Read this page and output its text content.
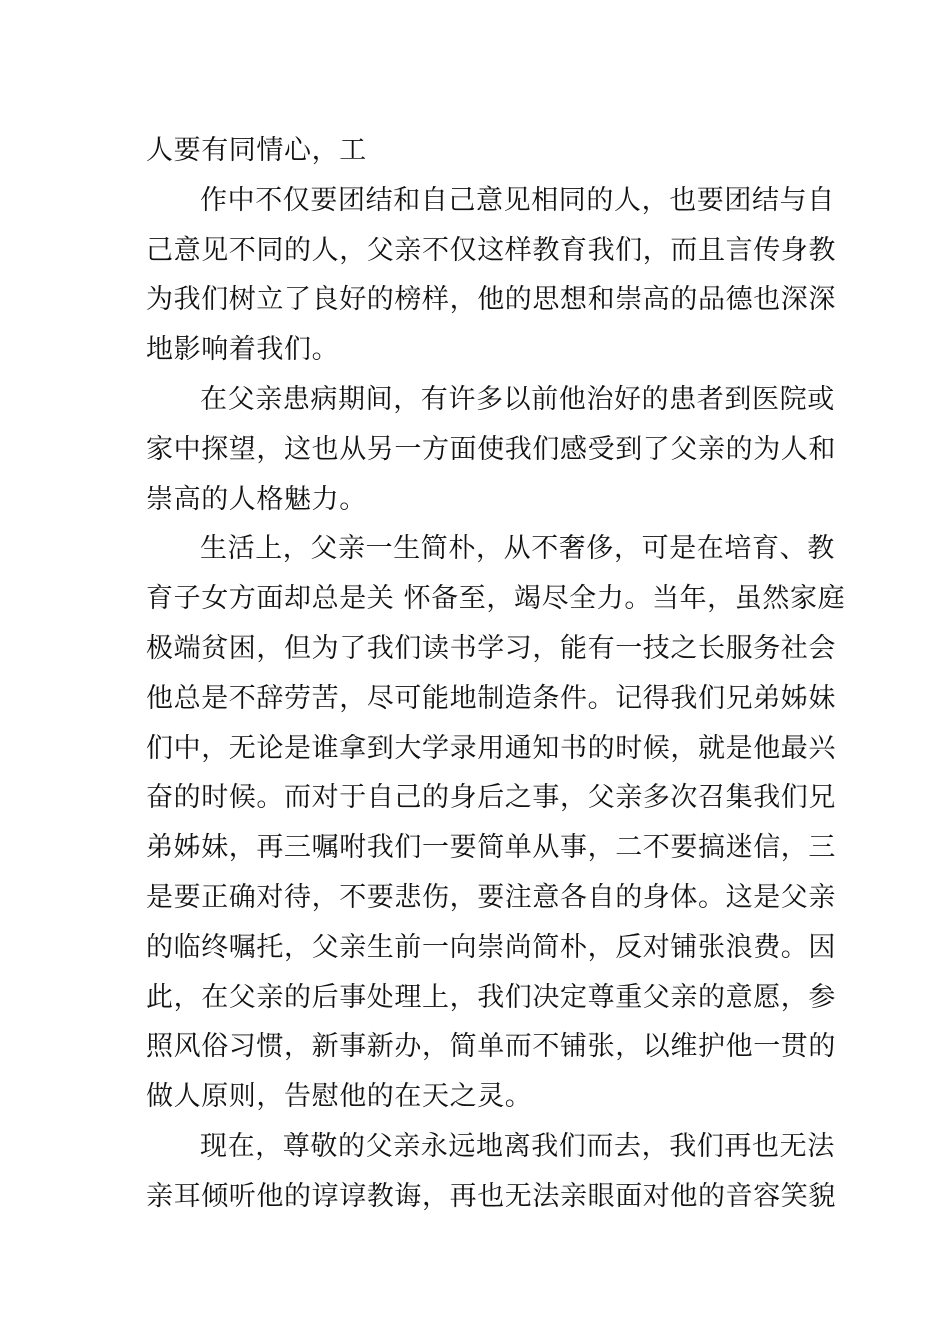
人要有同情心，工
作中不仅要团结和自己意见相同的人，也要团结与自
己意见不同的人，父亲不仅这样教育我们，而且言传身教
为我们树立了良好的榜样，他的思想和崇高的品德也深深
地影响着我们。
在父亲患病期间，有许多以前他治好的患者到医院或
家中探望，这也从另一方面使我们感受到了父亲的为人和
崇高的人格魅力。
生活上，父亲一生简朴，从不奢侈，可是在培育、教
育子女方面却总是关 怀备至，竭尽全力。当年，虽然家庭
极端贫困，但为了我们读书学习，能有一技之长服务社会
他总是不辞劳苦，尽可能地制造条件。记得我们兄弟姊妹
们中，无论是谁拿到大学录用通知书的时候，就是他最兴
奋的时候。而对于自己的身后之事，父亲多次召集我们兄
弟姊妹，再三嘱咐我们一要简单从事，二不要搞迷信，三
是要正确对待，不要悲伤，要注意各自的身体。这是父亲
的临终嘱托，父亲生前一向崇尚简朴，反对铺张浪费。因
此，在父亲的后事处理上，我们决定尊重父亲的意愿，参
照风俗习惯，新事新办，简单而不铺张，以维护他一贯的
做人原则，告慰他的在天之灵。
现在，尊敬的父亲永远地离我们而去，我们再也无法
亲耳倾听他的谆谆教诲，再也无法亲眼面对他的音容笑貌
